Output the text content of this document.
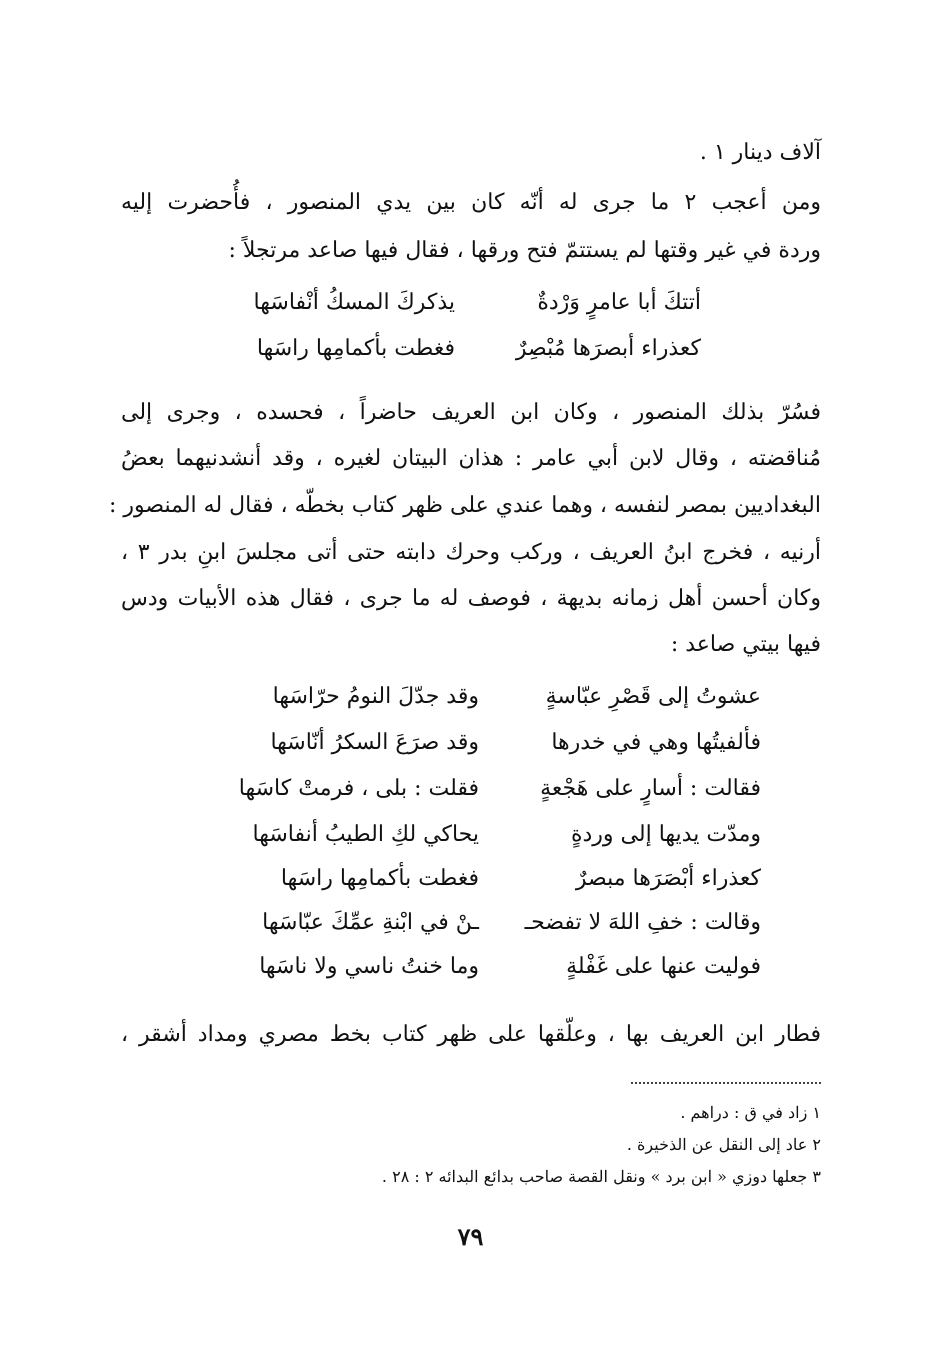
آلاف دينار ١ .
ومن أعجب ٢ ما جرى له أنّه كان بين يدي المنصور ، فأُحضرت إليه
وردة في غير وقتها لم يستتمّ فتح ورقها ، فقال فيها صاعد مرتجلاً :
أتتكَ أبا عامرٍ وَرْدةٌ
يذكركَ المسكُ أنْفاسَها
كعذراء أبصرَها مُبْصِرٌ
فغطت بأكمامِها راسَها
فسُرّ بذلك المنصور ، وكان ابن العريف حاضراً ، فحسده ، وجرى إلى
مُناقضته ، وقال لابن أبي عامر : هذان البيتان لغيره ، وقد أنشدنيهما بعضُ
البغداديين بمصر لنفسه ، وهما عندي على ظهر كتاب بخطّه ، فقال له المنصور :
أرنيه ، فخرج ابنُ العريف ، وركب وحرك دابته حتى أتى مجلسَ ابنِ بدر ٣ ،
وكان أحسن أهل زمانه بديهة ، فوصف له ما جرى ، فقال هذه الأبيات ودس
فيها بيتي صاعد :
عشوتُ إلى قَصْرِ عبّاسةٍ
وقد جدّلَ النومُ حرّاسَها
فألفيتُها وهي في خدرها
وقد صرَعَ السكرُ أنّاسَها
فقالت : أسارٍ على هَجْعةٍ
فقلت : بلى ، فرمتْ كاسَها
ومدّت يديها إلى وردةٍ
يحاكي لكِ الطيبُ أنفاسَها
كعذراء أبْصَرَها مبصرٌ
فغطت بأكمامِها راسَها
وقالت : خفِ اللهَ لا تفضحـ
ـنْ في ابْنةِ عمِّكَ عبّاسَها
فوليت عنها على غَفْلةٍ
وما خنتُ ناسي ولا ناسَها
فطار ابن العريف بها ، وعلّقها على ظهر كتاب بخط مصري ومداد أشقر ،
١ زاد في ق : دراهم .
٢ عاد إلى النقل عن الذخيرة .
٣ جعلها دوزي « ابن برد » ونقل القصة صاحب بدائع البدائه ٢ : ٢٨ .
٧٩
